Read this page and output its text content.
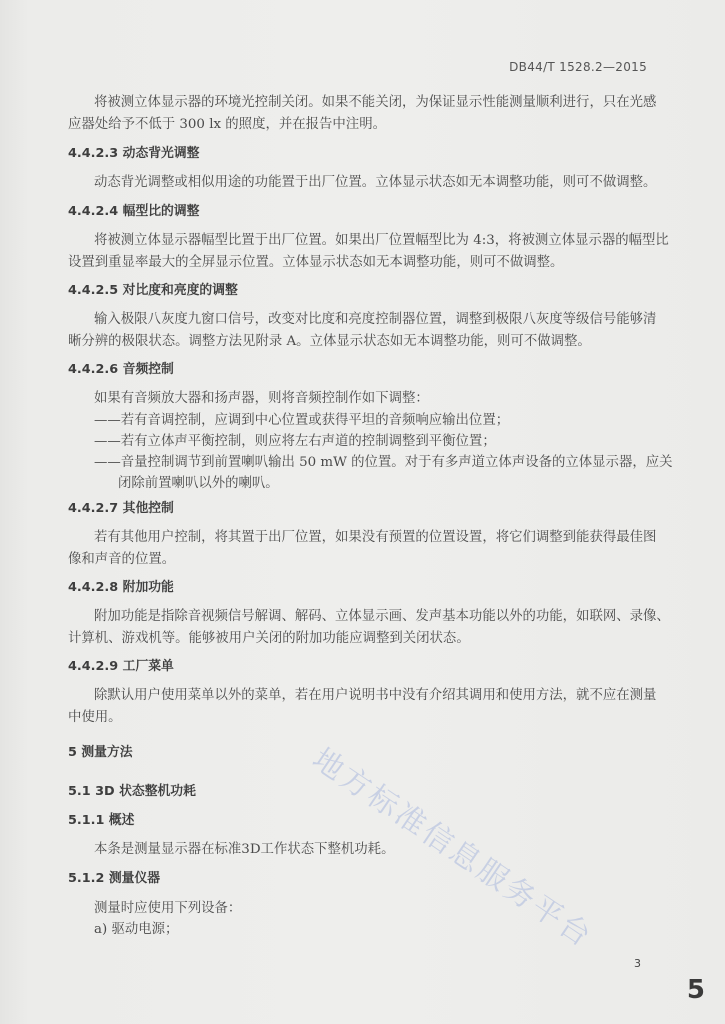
DB44/T 1528.2—2015
将被测立体显示器的环境光控制关闭。如果不能关闭，为保证显示性能测量顺利进行，只在光感
应器处给予不低于 300 lx 的照度，并在报告中注明。
4.4.2.3 动态背光调整
动态背光调整或相似用途的功能置于出厂位置。立体显示状态如无本调整功能，则可不做调整。
4.4.2.4 幅型比的调整
将被测立体显示器幅型比置于出厂位置。如果出厂位置幅型比为 4:3，将被测立体显示器的幅型比
设置到重显率最大的全屏显示位置。立体显示状态如无本调整功能，则可不做调整。
4.4.2.5 对比度和亮度的调整
输入极限八灰度九窗口信号，改变对比度和亮度控制器位置，调整到极限八灰度等级信号能够清
晰分辨的极限状态。调整方法见附录 A。立体显示状态如无本调整功能，则可不做调整。
4.4.2.6 音频控制
如果有音频放大器和扬声器，则将音频控制作如下调整：
——若有音调控制，应调到中心位置或获得平坦的音频响应输出位置；
——若有立体声平衡控制，则应将左右声道的控制调整到平衡位置；
——音量控制调节到前置喇叭输出 50 mW 的位置。对于有多声道立体声设备的立体显示器，应关
闭除前置喇叭以外的喇叭。
4.4.2.7 其他控制
若有其他用户控制，将其置于出厂位置，如果没有预置的位置设置，将它们调整到能获得最佳图
像和声音的位置。
4.4.2.8 附加功能
附加功能是指除音视频信号解调、解码、立体显示画、发声基本功能以外的功能，如联网、录像、
计算机、游戏机等。能够被用户关闭的附加功能应调整到关闭状态。
4.4.2.9 工厂菜单
除默认用户使用菜单以外的菜单，若在用户说明书中没有介绍其调用和使用方法，就不应在测量
中使用。
5 测量方法
5.1 3D 状态整机功耗
5.1.1 概述
本条是测量显示器在标准3D工作状态下整机功耗。
5.1.2 测量仪器
测量时应使用下列设备：
a) 驱动电源；	地方标准信息服务平台
3
5
